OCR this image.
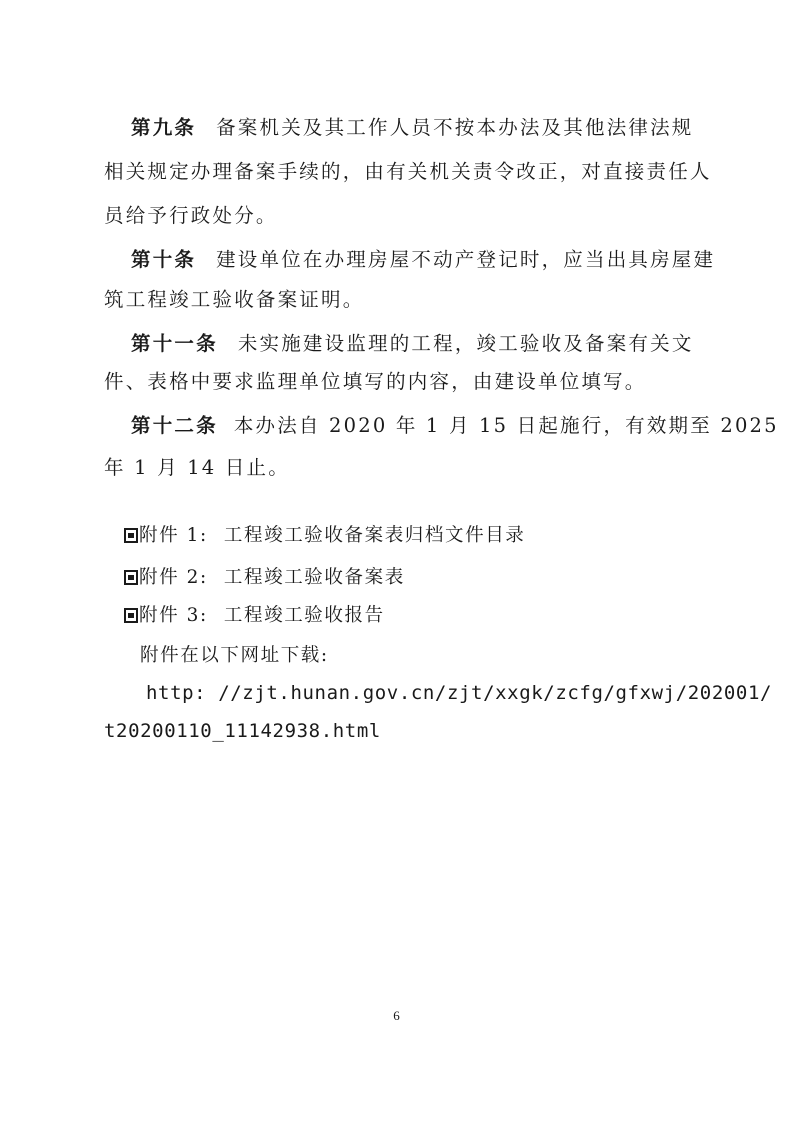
第九条 备案机关及其工作人员不按本办法及其他法律法规
相关规定办理备案手续的，由有关机关责令改正，对直接责任人
员给予行政处分。
第十条 建设单位在办理房屋不动产登记时，应当出具房屋建
筑工程竣工验收备案证明。
第十一条 未实施建设监理的工程，竣工验收及备案有关文
件、表格中要求监理单位填写的内容，由建设单位填写。
第十二条 本办法自 2020 年 1 月 15 日起施行，有效期至 2025
年 1 月 14 日止。
附件 1: 工程竣工验收备案表归档文件目录
附件 2: 工程竣工验收备案表
附件 3: 工程竣工验收报告
附件在以下网址下载:
http: //zjt.hunan.gov.cn/zjt/xxgk/zcfg/gfxwj/202001/
t20200110_11142938.html
6
